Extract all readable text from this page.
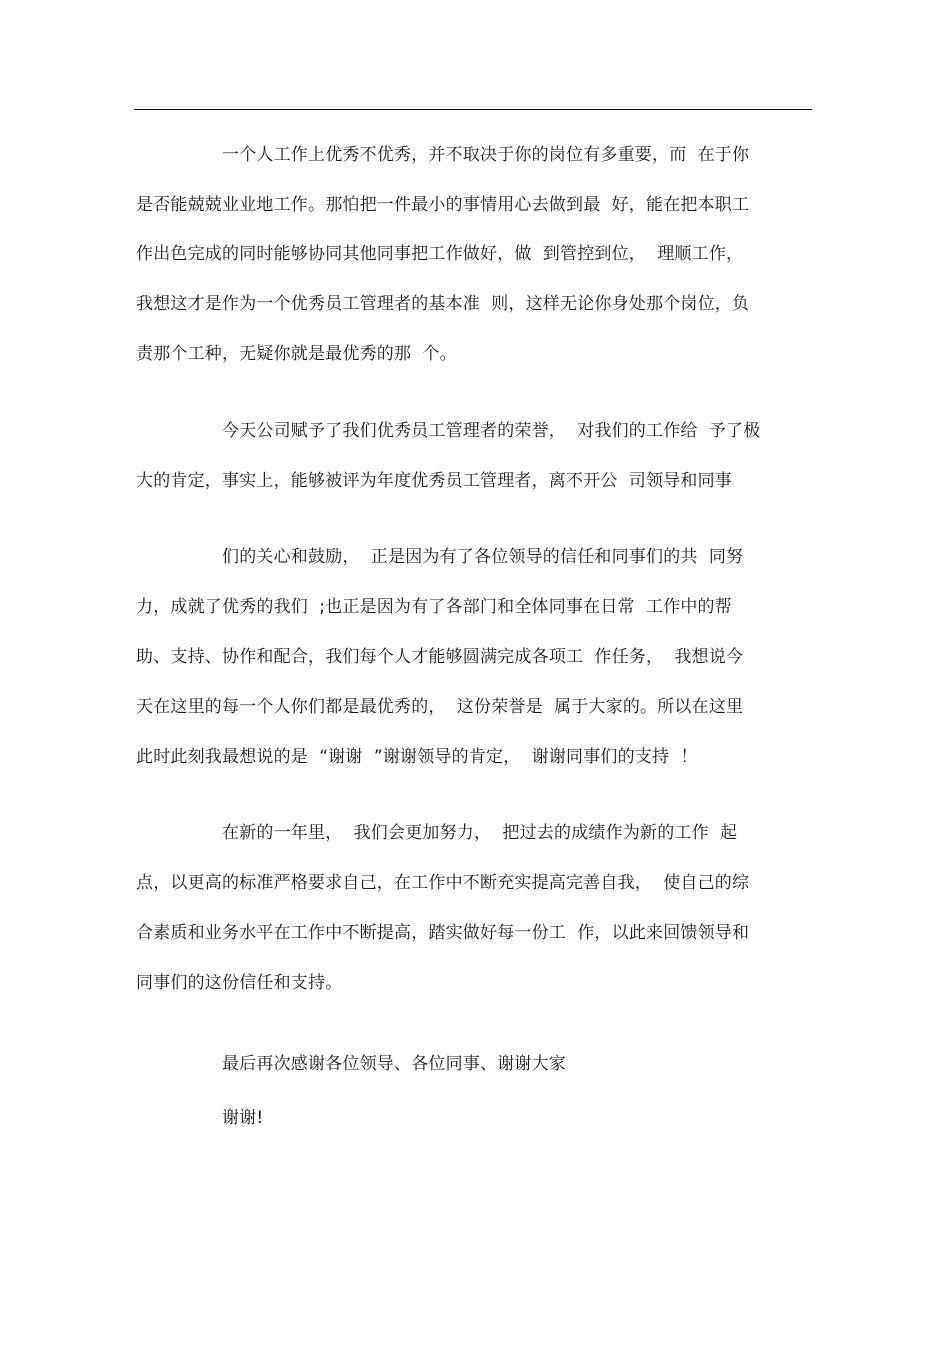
一个人工作上优秀不优秀，并不取决于你的岗位有多重要，而  在于你
是否能兢兢业业地工作。那怕把一件最小的事情用心去做到最  好，能在把本职工
作出色完成的同时能够协同其他同事把工作做好，做  到管控到位，  理顺工作，
我想这才是作为一个优秀员工管理者的基本准  则，这样无论你身处那个岗位，负
责那个工种，无疑你就是最优秀的那  个。
今天公司赋予了我们优秀员工管理者的荣誉，  对我们的工作给  予了极
大的肯定，事实上，能够被评为年度优秀员工管理者，离不开公  司领导和同事
们的关心和鼓励，  正是因为有了各位领导的信任和同事们的共  同努
力，成就了优秀的我们  ;也正是因为有了各部门和全体同事在日常  工作中的帮
助、支持、协作和配合，我们每个人才能够圆满完成各项工  作任务，  我想说今
天在这里的每一个人你们都是最优秀的，  这份荣誉是  属于大家的。所以在这里
此时此刻我最想说的是  “谢谢  ”谢谢领导的肯定，  谢谢同事们的支持  ！
在新的一年里，  我们会更加努力，  把过去的成绩作为新的工作  起
点，以更高的标准严格要求自己，在工作中不断充实提高完善自我，  使自己的综
合素质和业务水平在工作中不断提高，踏实做好每一份工  作，以此来回馈领导和
同事们的这份信任和支持。
最后再次感谢各位领导、各位同事、谢谢大家
谢谢!
